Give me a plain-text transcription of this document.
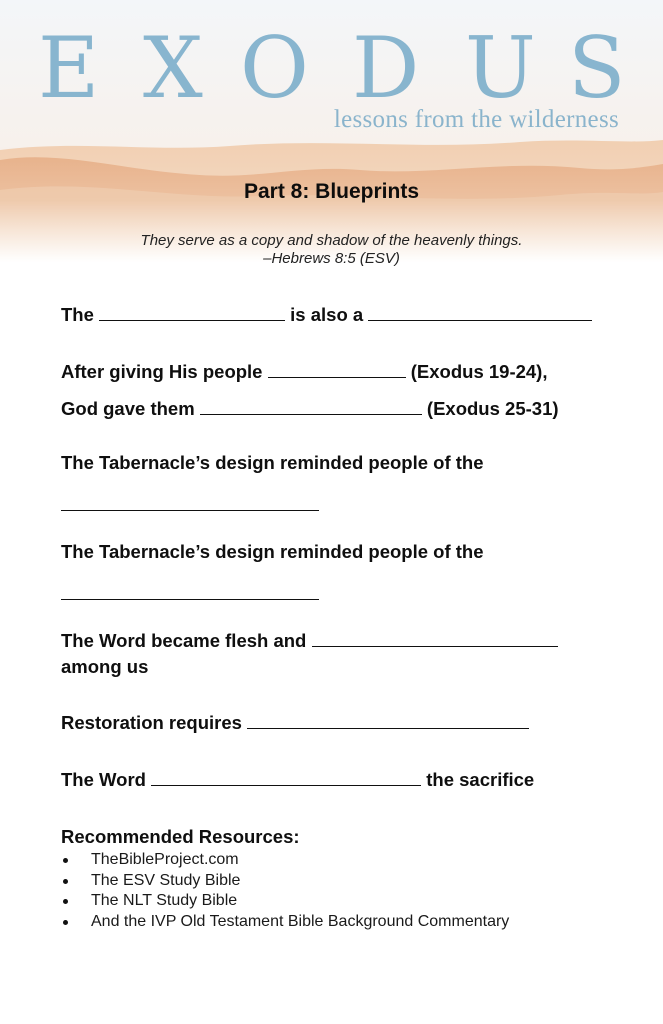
E X O D U S
lessons from the wilderness
Part 8: Blueprints
They serve as a copy and shadow of the heavenly things.
–Hebrews 8:5 (ESV)
The	is also a
After giving His people	(Exodus 19-24),
God gave them	(Exodus 25-31)
The Tabernacle’s design reminded people of the
The Tabernacle’s design reminded people of the
The Word became flesh and
among us
Restoration requires
The Word	the sacrifice
Recommended Resources:
TheBibleProject.com
The ESV Study Bible
The NLT Study Bible
And the IVP Old Testament Bible Background Commentary
